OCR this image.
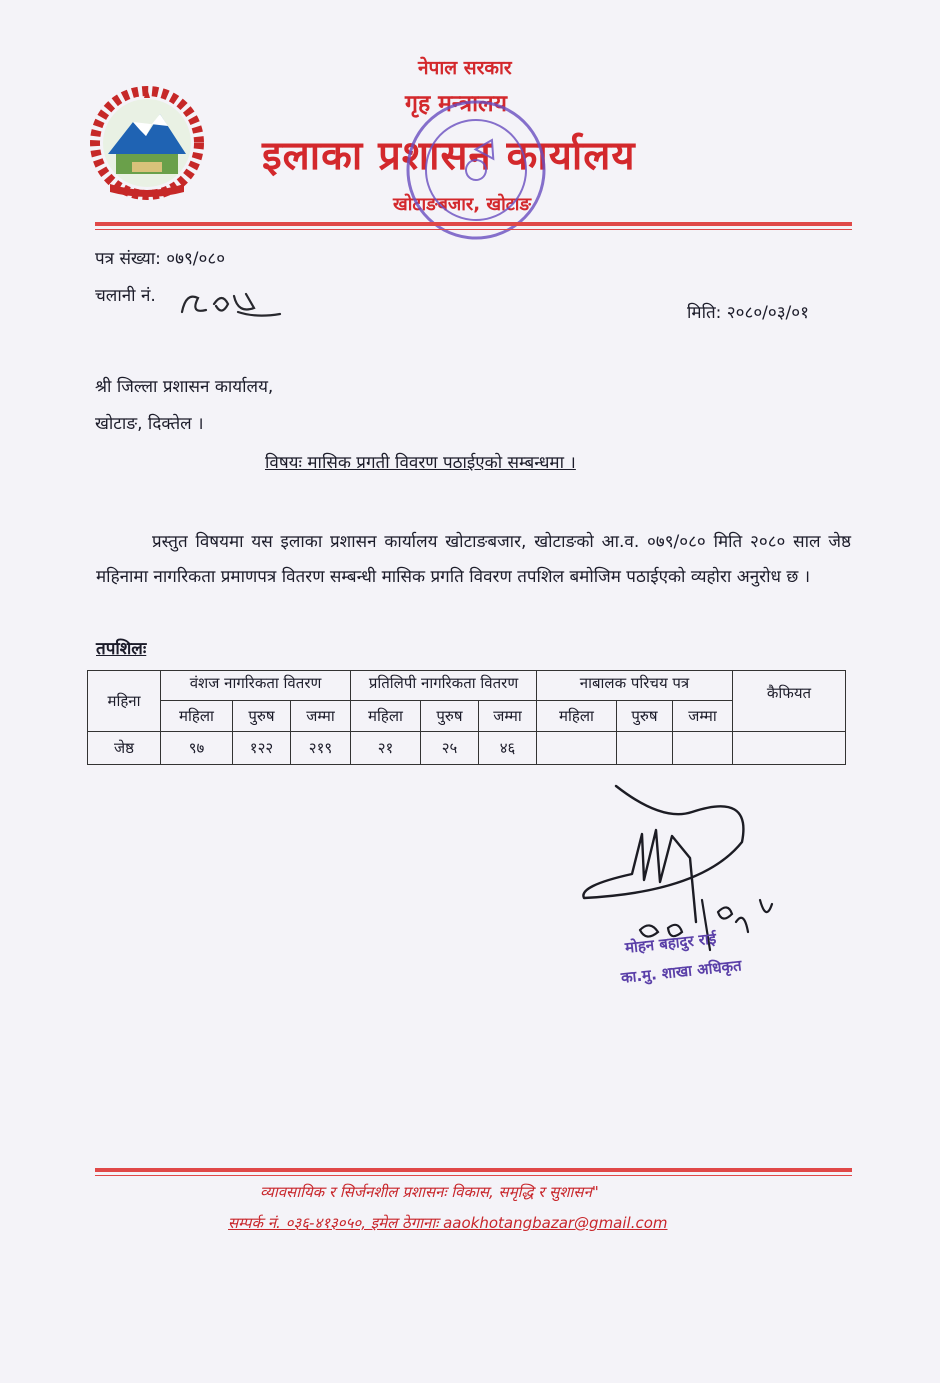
नेपाल सरकार
गृह मन्त्रालय
इलाका प्रशासन कार्यालय
खोटाङबजार, खोटाङ
पत्र संख्या: ०७९/०८०
चलानी नं.
मिति: २०८०/०३/०१
श्री जिल्ला प्रशासन कार्यालय,
खोटाङ, दिक्तेल ।
विषयः मासिक प्रगती विवरण पठाईएको सम्बन्धमा ।
प्रस्तुत विषयमा यस इलाका प्रशासन कार्यालय खोटाङबजार, खोटाङको आ.व. ०७९/०८० मिति २०८० साल जेष्ठ महिनामा नागरिकता प्रमाणपत्र वितरण सम्बन्धी मासिक प्रगति विवरण तपशिल बमोजिम पठाईएको व्यहोरा अनुरोध छ ।
तपशिलः
महिना	वंशज नागरिकता वितरण			प्रतिलिपी नागरिकता वितरण			नाबालक परिचय पत्र			कैफियत
	महिला	पुरुष	जम्मा	महिला	पुरुष	जम्मा	महिला	पुरुष	जम्मा	
जेष्ठ	९७	१२२	२१९	२१	२५	४६				
मोहन बहादुर राई
का.मु. शाखा अधिकृत
व्यावसायिक र सिर्जनशील प्रशासनः विकास, समृद्धि र सुशासन"
सम्पर्क नं. ०३६-४१३०५०, इमेल ठेगानाः aaokhotangbazar@gmail.com
